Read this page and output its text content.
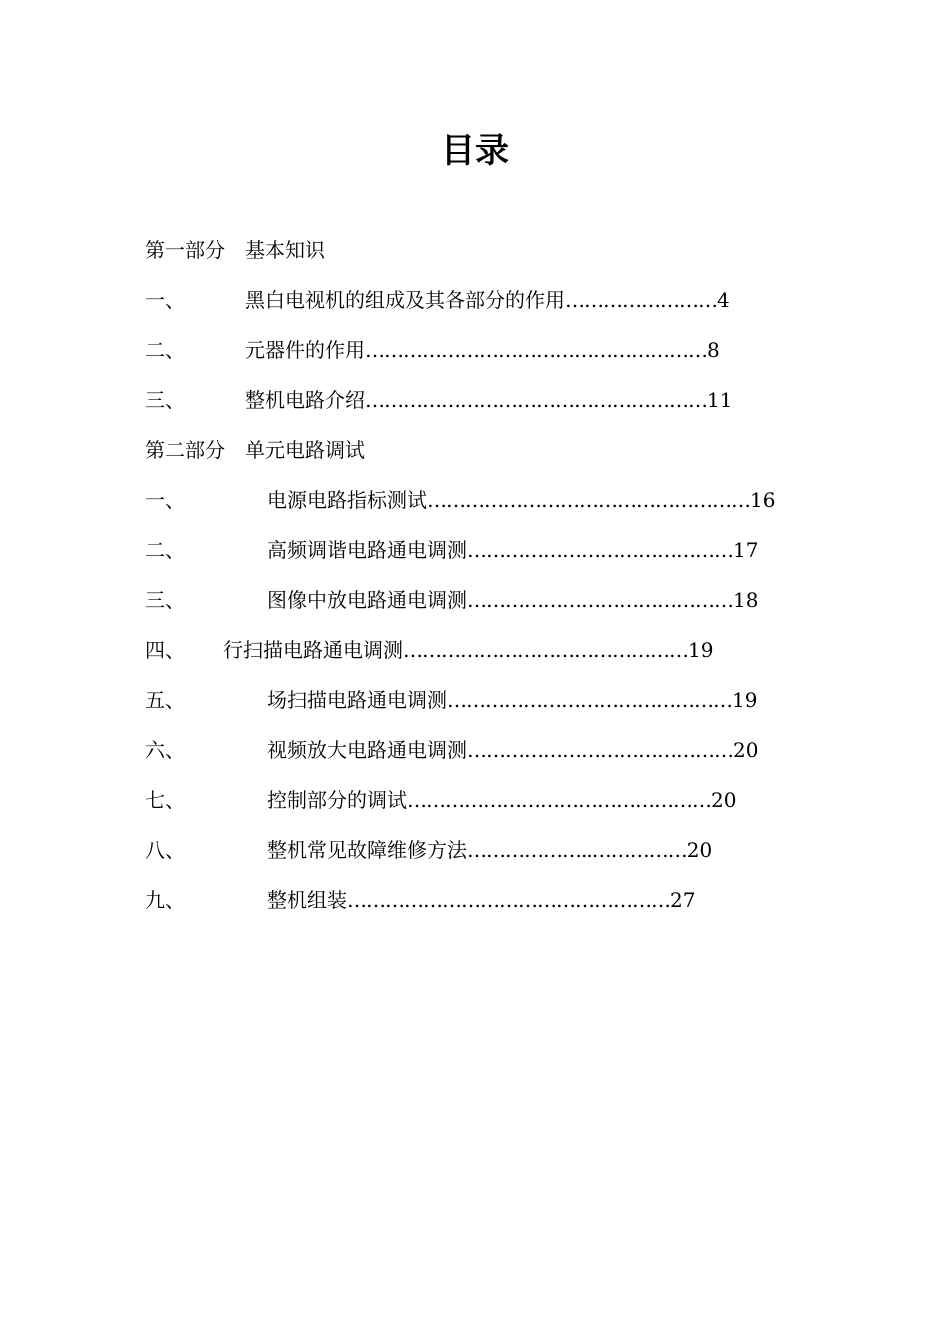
目录
第一部分　基本知识
一、	黑白电视机的组成及其各部分的作用……………………4
二、	元器件的作用………………………………………………8
三、	整机电路介绍………………………………………………11
第二部分　单元电路调试
一、	电源电路指标测试……………………………………………16
二、	高频调谐电路通电调测……………………………………17
三、	图像中放电路通电调测……………………………………18
四、 行扫描电路通电调测………………………………………19
五、	场扫描电路通电调测………………………………………19
六、	视频放大电路通电调测……………………………………20
七、	控制部分的调试…………………………………………20
八、	整机常见故障维修方法………………..……………20
九、	整机组装……………………………………………27
